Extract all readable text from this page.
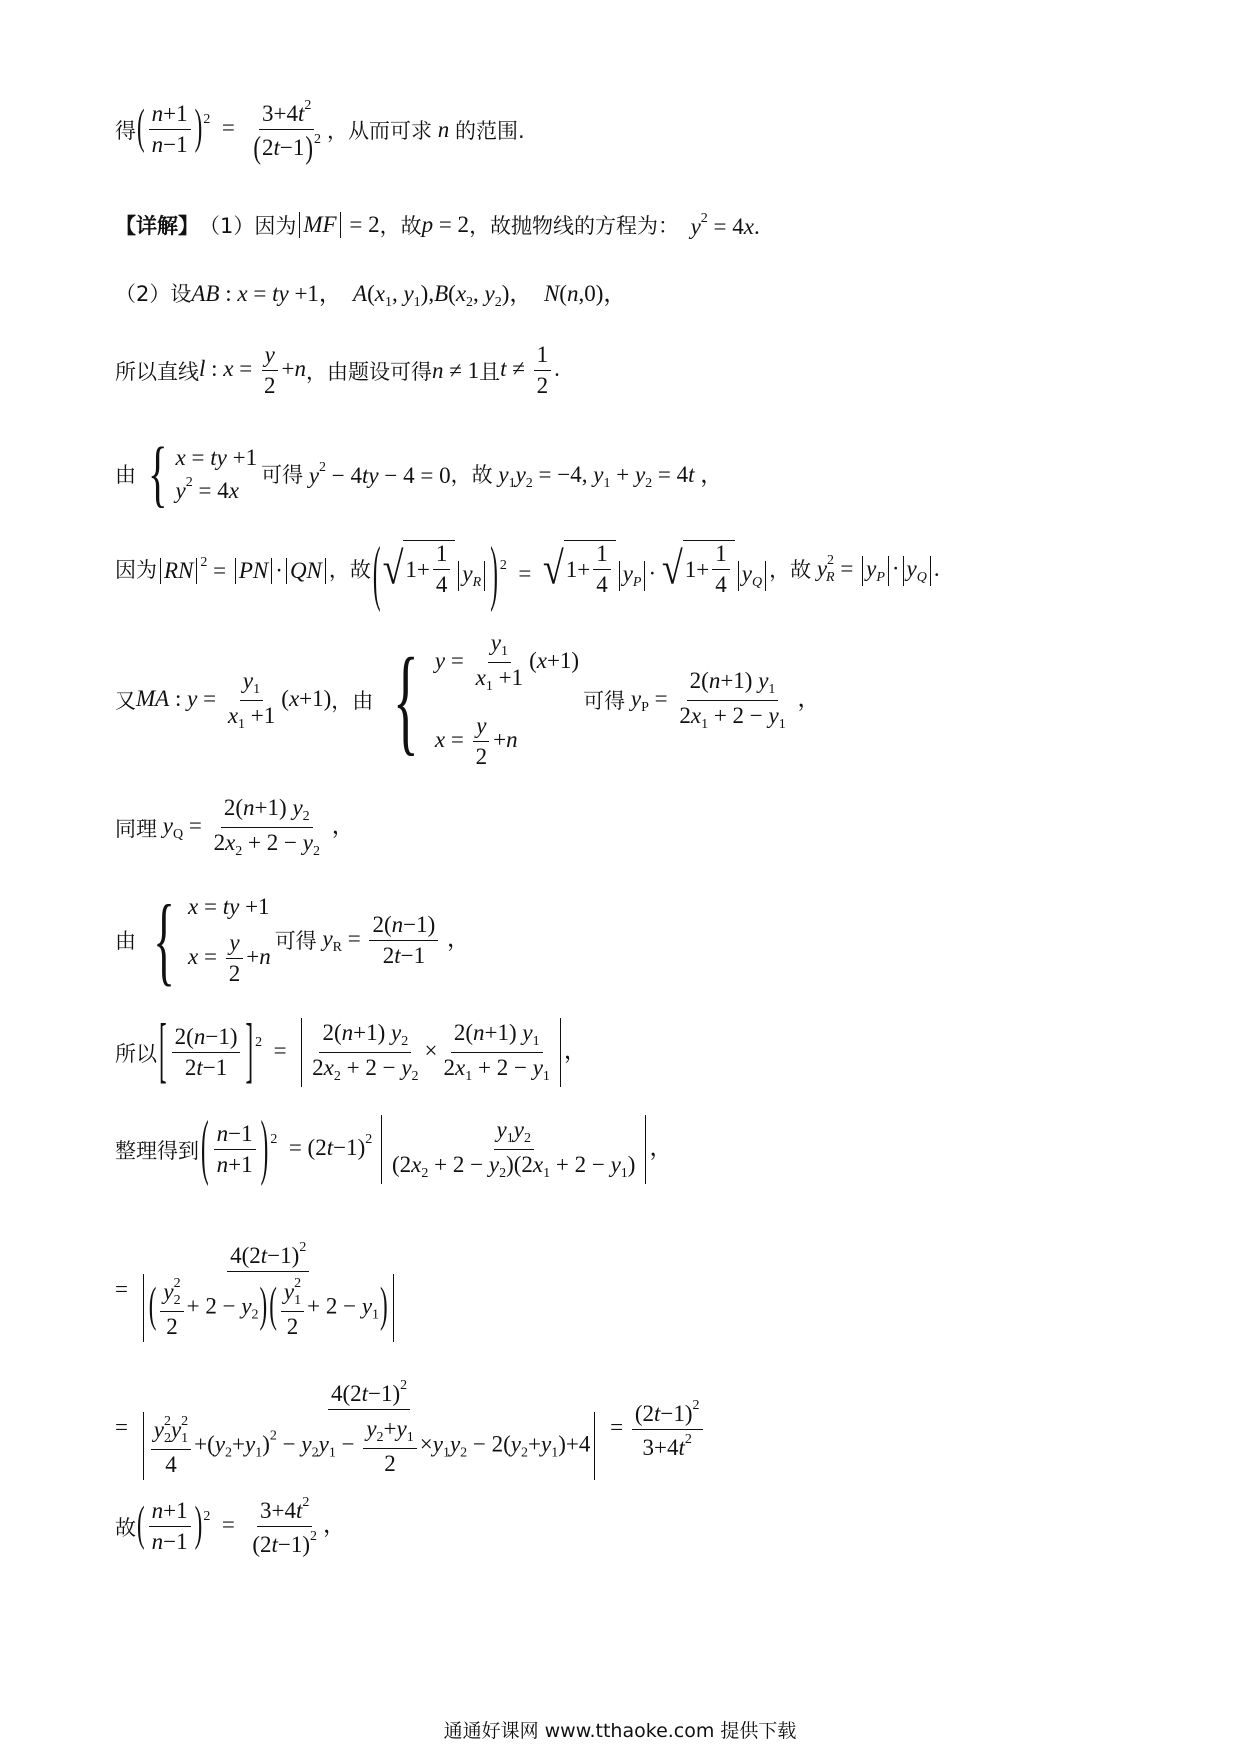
得 ( $\frac{n+1}{n-1} )^2 = \frac{3+4t^2}{(2t-1)^2}$ ，从而可求 n 的范围.
【详解】 （1）因为 MF = 2 ，故 p = 2 ，故抛物线的方程为： $y^2 = 4x$.
（2）设 AB : x = ty +1，  $A(x_1$, $y_1),B(x_2$, $y_2$)，  N(n,0)，
所以直线 l : $x = \frac{y}{2} +n$ ，由题设可得 n ≠ 1 且 $t \ne \frac{1}{2}$ .
由 { x = ty +1
$y^2 = 4x$
可得 $y^2 - 4ty - 4 = 0$ ，故 $y_1y_2 = -4$, $y_1 + y_2 = 4t$ ，
因为 RN $^2$ = PN · QN ，故 ( √ $1+ \frac{1}{4} y_R$ ) $^2$  = √ $1+ \frac{1}{4} y_P$ · √ $1+ \frac{1}{4} y_Q$
，故 $y^2_R = y_P \cdot y_Q$ .
又 MA : $y = \frac{y_1}{x_1 +1} (x+1)$ ，由 { $y = \frac{y_1}{x_1 +1} (x+1)$
$x = \frac{y}{2} +n$
可得 $y_P = \frac{2(n+1) y_1}{2x_1 + 2 - y_1}$ ，
同理 $y_Q = \frac{2(n+1) y_2}{2x_2 + 2 - y_2}$ ，
由 { x = ty +1
$x = \frac{y}{2} +n$
可得 $y_R = \frac{2(n-1)}{2t-1}$ ，
所以 [ $\frac{2(n-1)}{2t-1}$ ] $^2 = \frac{2(n+1) y_2}{2x_2 + 2 - y_2} \times \frac{2(n+1) y_1}{2x_1 + 2 - y_1}$ ，
整理得到 ( $\frac{n-1}{n+1}$ ) $^2 = (2t-1)^2 \frac{y_1y_2}{(2x_2 + 2 - y_2)(2x_1 + 2 - y_1)}$ ，
= $\frac{4(2t-1)^2}{( \frac{y^2_2}{2} + 2 - y_2)( \frac{y^2_1}{2} + 2 - y_1)}$
= $\frac{4(2t-1)^2}{\frac{y^2_2y^2_1}{4} +(y_2+y_1)^2 - y_2y_1 - \frac{y_2+y_1}{2} \times y_1y_2 - 2(y_2+y_1)+4} = \frac{(2t-1)^2}{3+4t^2}$
故 ( $\frac{n+1}{n-1} )^2 = \frac{3+4t^2}{(2t-1)^2}$ ，
通通好课网 www.tthaoke.com 提供下载
